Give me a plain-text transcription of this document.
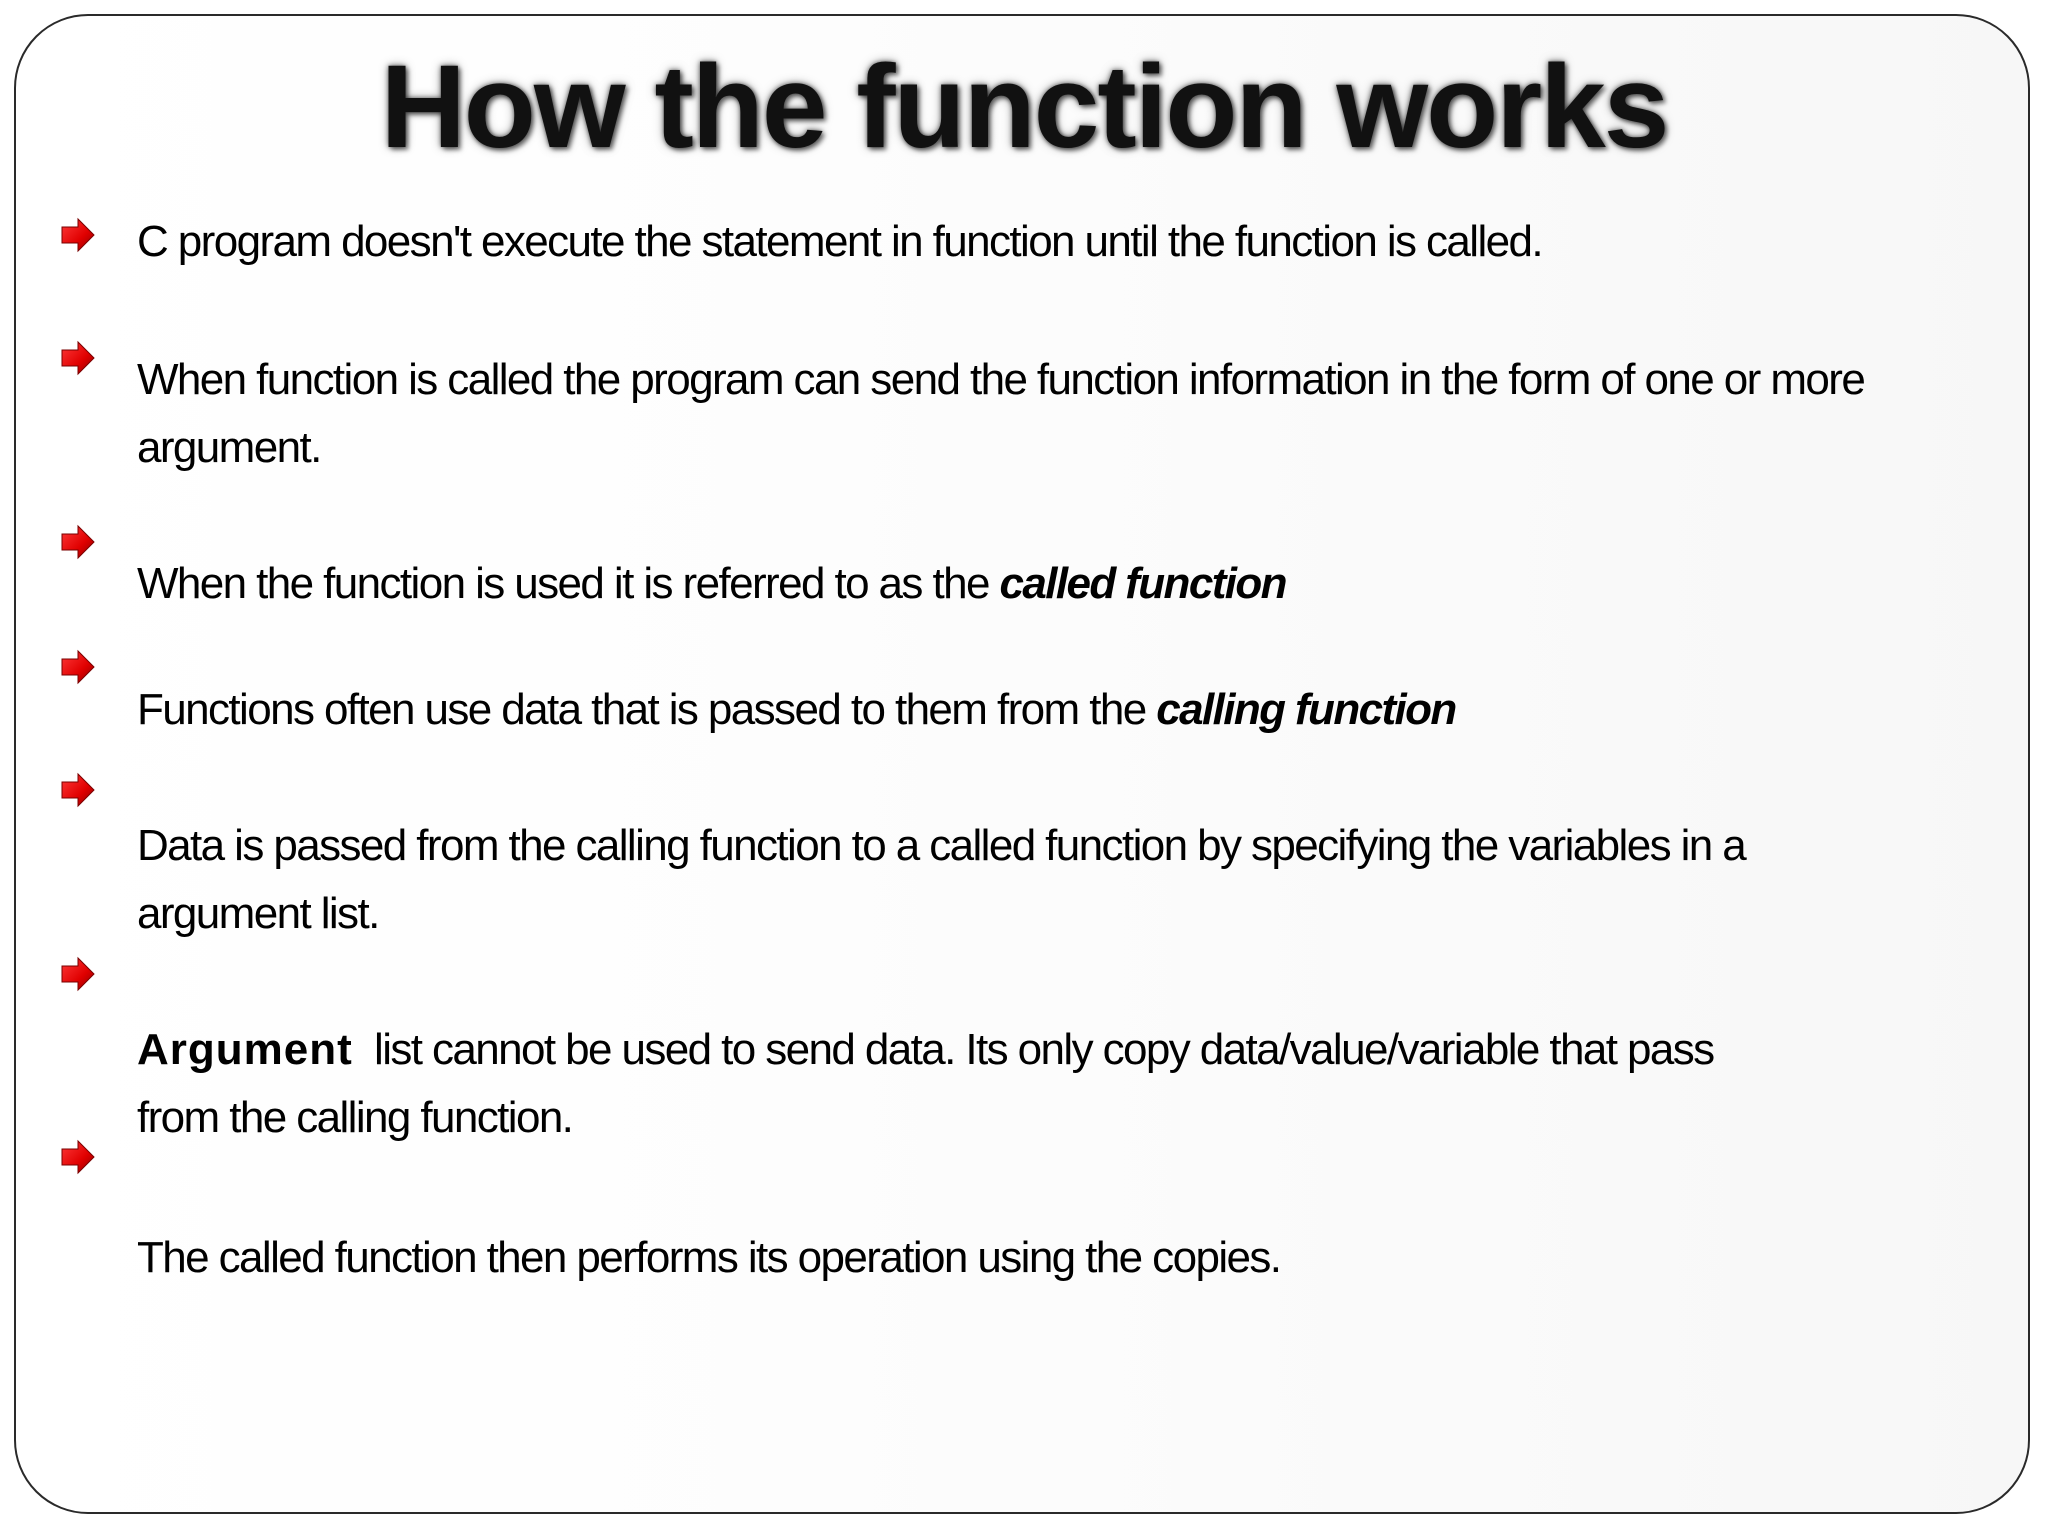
How the function works
C program doesn't execute the statement in function until the function is called.
When function is called the program can send the function information in the form of one or more
argument.
When the function is used it is referred to as the called function
Functions often use data that is passed to them from the calling function
Data is passed from the calling function to a called function by specifying the variables in a
argument list.
Argument  list cannot be used to send data. Its only copy data/value/variable that pass
from the calling function.
The called function then performs its operation using the copies.
